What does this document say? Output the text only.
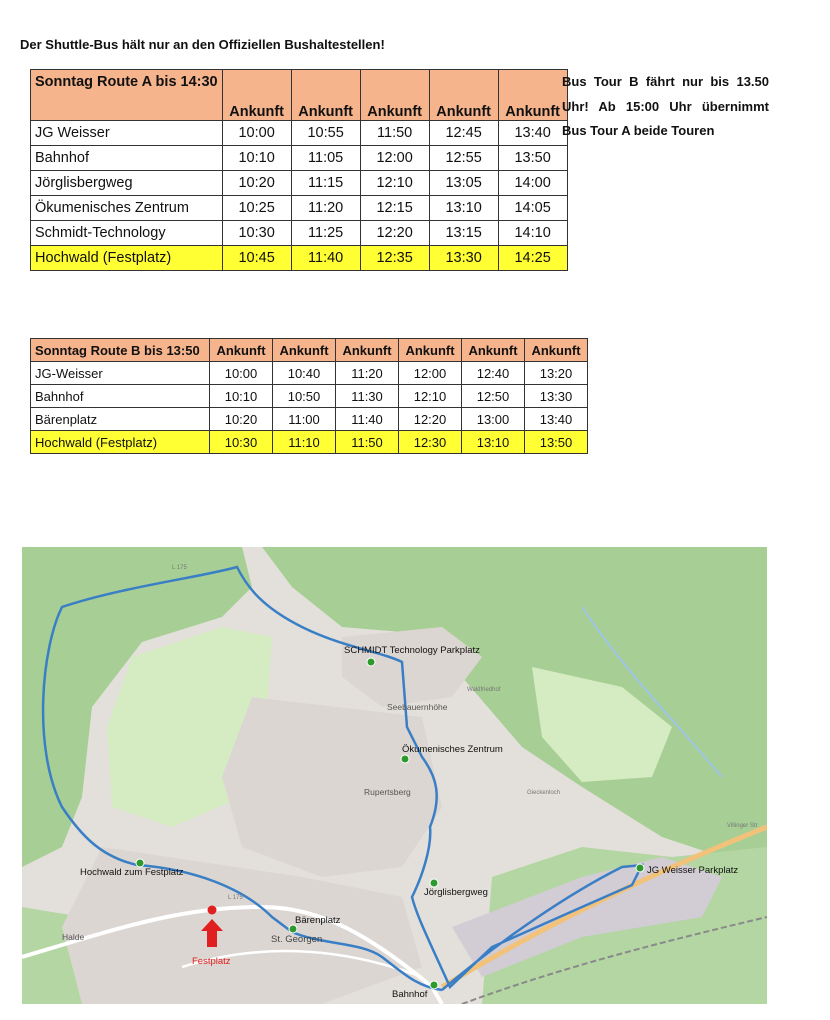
Der Shuttle-Bus hält nur an den Offiziellen Bushaltestellen!
Sonntag Route A bis 14:30	Ankunft	Ankunft	Ankunft	Ankunft	Ankunft
JG Weisser	10:00	10:55	11:50	12:45	13:40
Bahnhof	10:10	11:05	12:00	12:55	13:50
Jörglisbergweg	10:20	11:15	12:10	13:05	14:00
Ökumenisches Zentrum	10:25	11:20	12:15	13:10	14:05
Schmidt-Technology	10:30	11:25	12:20	13:15	14:10
Hochwald (Festplatz)	10:45	11:40	12:35	13:30	14:25
Bus Tour B fährt nur bis 13.50 Uhr! Ab 15:00 Uhr übernimmt Bus Tour A beide Touren
Sonntag Route B bis 13:50	Ankunft	Ankunft	Ankunft	Ankunft	Ankunft	Ankunft
JG-Weisser	10:00	10:40	11:20	12:00	12:40	13:20
Bahnhof	10:10	10:50	11:30	12:10	12:50	13:30
Bärenplatz	10:20	11:00	11:40	12:20	13:00	13:40
Hochwald (Festplatz)	10:30	11:10	11:50	12:30	13:10	13:50
SCHMIDT Technology Parkplatz
Ökumenisches Zentrum
Jörglisbergweg
JG Weisser Parkplatz
Bahnhof
Bärenplatz
Hochwald zum Festplatz
Festplatz
St. Georgen
Rupertsberg
Seebauernhöhe
Halde
L 175
L 175
Waldfriedhof
Gieckenloch
Villinger Str
